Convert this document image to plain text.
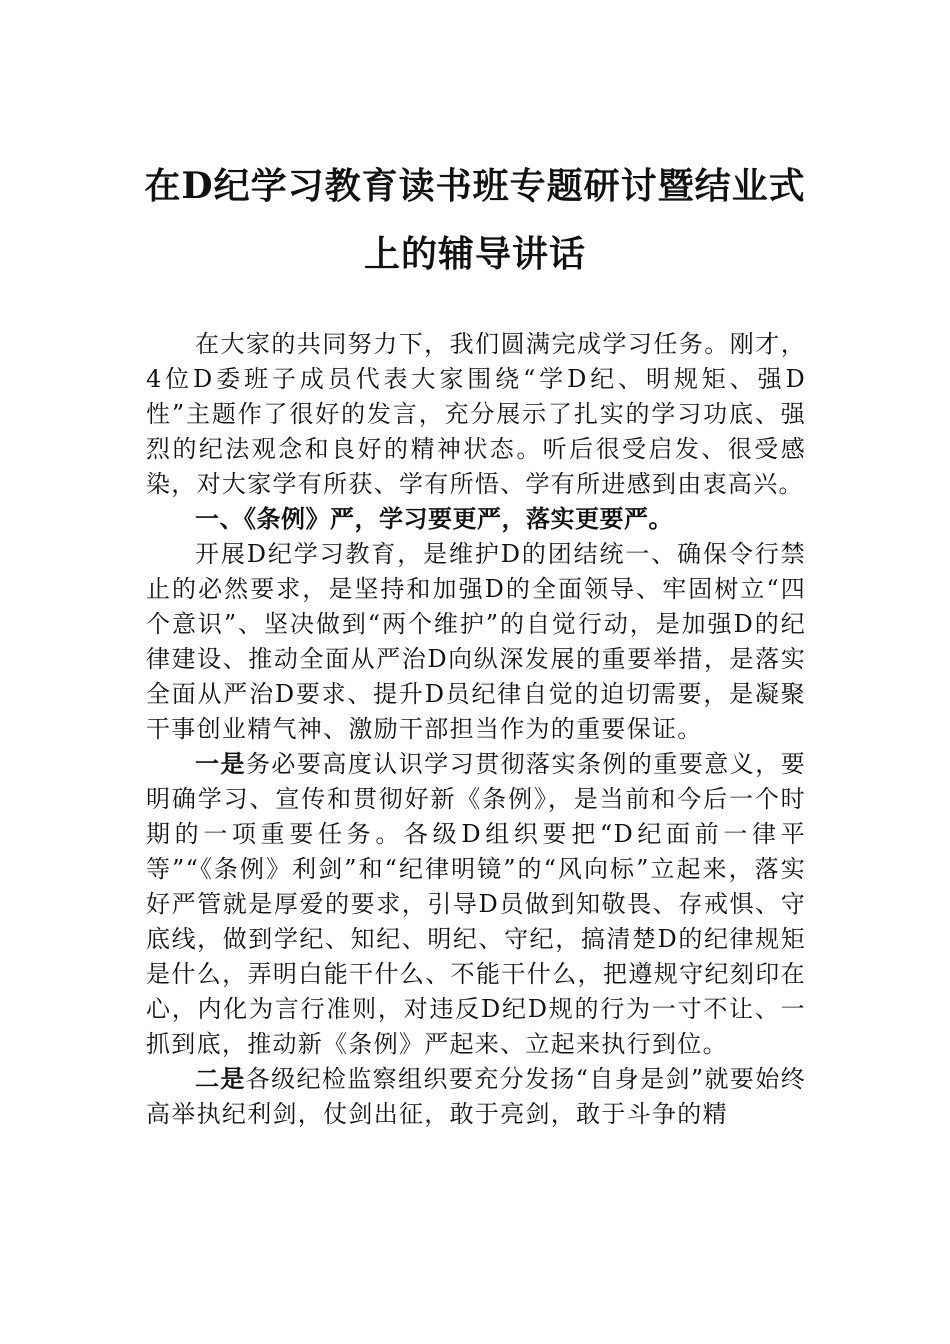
在D纪学习教育读书班专题研讨暨结业式
上的辅导讲话

在大家的共同努力下，我们圆满完成学习任务。刚才，4位D委班子成员代表大家围绕“学D纪、明规矩、强D性”主题作了很好的发言，充分展示了扎实的学习功底、强烈的纪法观念和良好的精神状态。听后很受启发、很受感染，对大家学有所获、学有所悟、学有所进感到由衷高兴。

一、《条例》严，学习要更严，落实更要严。

开展D纪学习教育，是维护D的团结统一、确保令行禁止的必然要求，是坚持和加强D的全面领导、牢固树立“四个意识”、坚决做到“两个维护”的自觉行动，是加强D的纪律建设、推动全面从严治D向纵深发展的重要举措，是落实全面从严治D要求、提升D员纪律自觉的迫切需要，是凝聚干事创业精气神、激励干部担当作为的重要保证。

一是务必要高度认识学习贯彻落实条例的重要意义，要明确学习、宣传和贯彻好新《条例》，是当前和今后一个时期的一项重要任务。各级D组织要把“D纪面前一律平等”“《条例》利剑”和“纪律明镜”的“风向标”立起来，落实好严管就是厚爱的要求，引导D员做到知敬畏、存戒惧、守底线，做到学纪、知纪、明纪、守纪，搞清楚D的纪律规矩是什么，弄明白能干什么、不能干什么，把遵规守纪刻印在心，内化为言行准则，对违反D纪D规的行为一寸不让、一抓到底，推动新《条例》严起来、立起来执行到位。

二是各级纪检监察组织要充分发扬“自身是剑”就要始终高举执纪利剑，仗剑出征，敢于亮剑，敢于斗争的精
